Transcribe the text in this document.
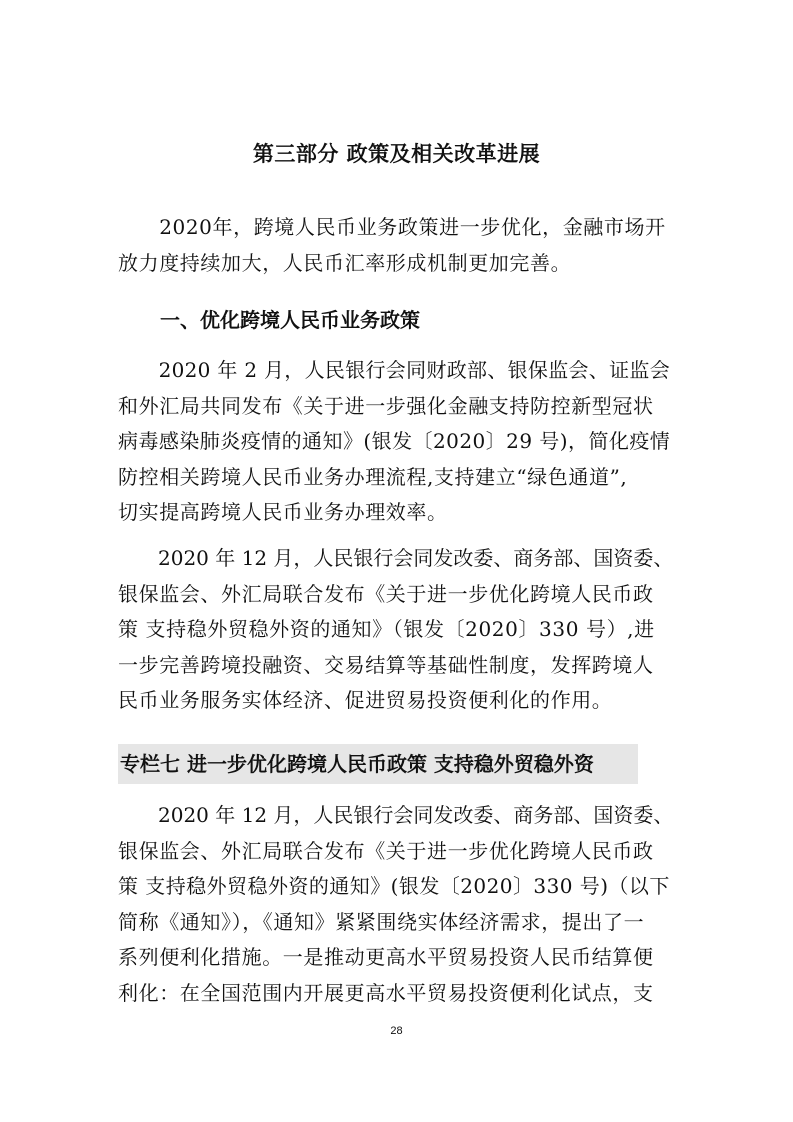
第三部分 政策及相关改革进展
　　2020年，跨境人民币业务政策进一步优化，金融市场开
放力度持续加大，人民币汇率形成机制更加完善。
一、优化跨境人民币业务政策
　　2020 年 2 月，人民银行会同财政部、银保监会、证监会
和外汇局共同发布《关于进一步强化金融支持防控新型冠状
病毒感染肺炎疫情的通知》(银发〔2020〕29 号)，简化疫情
防控相关跨境人民币业务办理流程,支持建立“绿色通道”,
切实提高跨境人民币业务办理效率。
　　2020 年 12 月，人民银行会同发改委、商务部、国资委、
银保监会、外汇局联合发布《关于进一步优化跨境人民币政
策 支持稳外贸稳外资的通知》（银发〔2020〕330 号）,进
一步完善跨境投融资、交易结算等基础性制度，发挥跨境人
民币业务服务实体经济、促进贸易投资便利化的作用。
专栏七 进一步优化跨境人民币政策 支持稳外贸稳外资
　　2020 年 12 月，人民银行会同发改委、商务部、国资委、
银保监会、外汇局联合发布《关于进一步优化跨境人民币政
策 支持稳外贸稳外资的通知》(银发〔2020〕330 号)（以下
简称《通知》），《通知》紧紧围绕实体经济需求，提出了一
系列便利化措施。一是推动更高水平贸易投资人民币结算便
利化：在全国范围内开展更高水平贸易投资便利化试点，支
28
